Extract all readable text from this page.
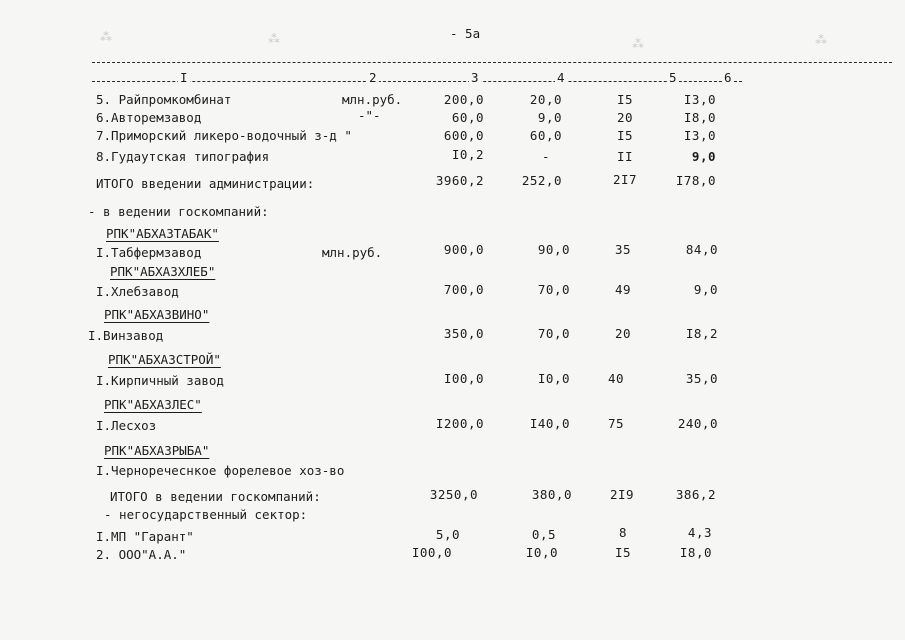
⁂	⁂	⁂	⁂
- 5а
I	2	3	4	5	6
5. Райпромкомбинат	млн.руб.	200,0	20,0	I5	I3,0
6.Авторемзавод	-"-	60,0	9,0	20	I8,0
7.Приморский ликеро-водочный з-д "	600,0	60,0	I5	I3,0
8.Гудаутская типография	I0,2	-	II	9,0
ИТОГО введении администрации:	3960,2	252,0	2I7	I78,0
- в ведении госкомпаний:
РПК"АБХАЗТАБАК"
I.Табфермзавод	млн.руб.	900,0	90,0	35	84,0
РПК"АБХАЗХЛЕБ"
I.Хлебзавод	700,0	70,0	49	9,0
РПК"АБХАЗВИНО"
I.Винзавод	350,0	70,0	20	I8,2
РПК"АБХАЗСТРОЙ"
I.Кирпичный завод	I00,0	I0,0	40	35,0
РПК"АБХАЗЛЕС"
I.Лесхоз	I200,0	I40,0	75	240,0
РПК"АБХАЗРЫБА"
I.Черноречеснкое форелевое хоз-во
ИТОГО в ведении госкомпаний:	3250,0	380,0	2I9	386,2
- негосударственный сектор:
I.МП "Гарант"	5,0	0,5	8	4,3
2. ООО"А.А."	I00,0	I0,0	I5	I8,0
